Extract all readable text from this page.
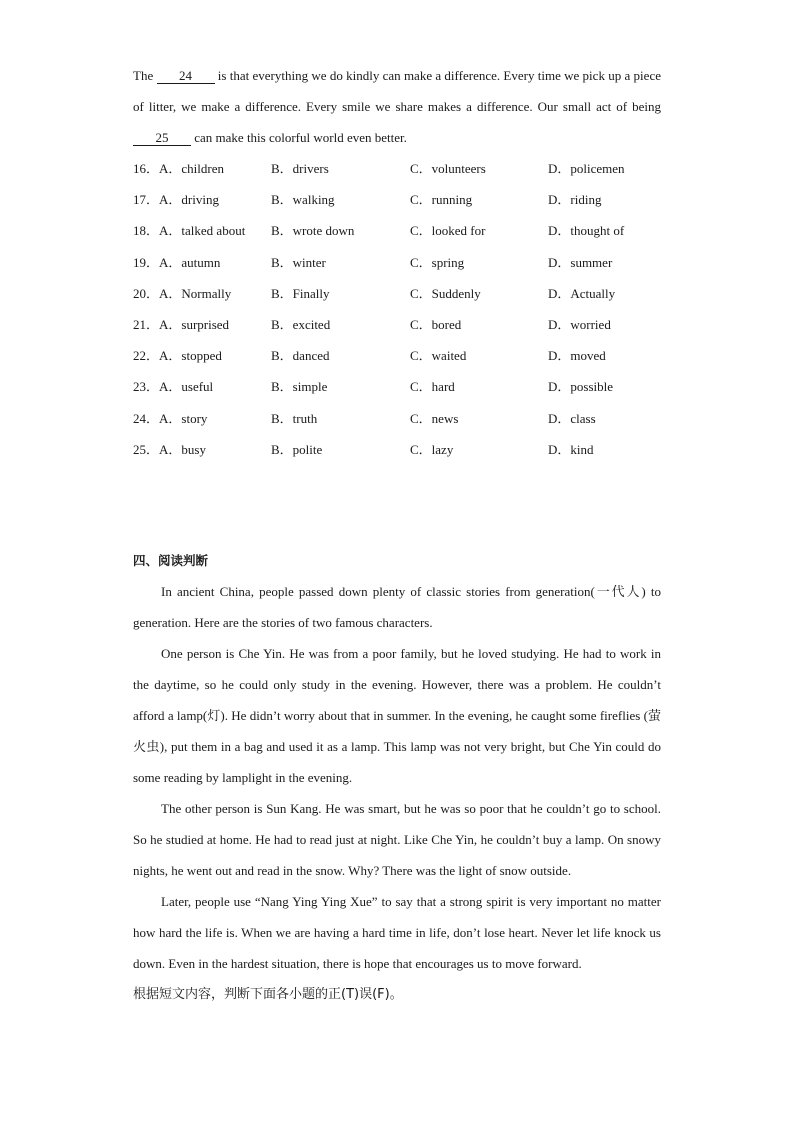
The 24 is that everything we do kindly can make a difference. Every time we pick up a piece of litter, we make a difference. Every smile we share makes a difference. Our small act of being 25 can make this colorful world even better.

16．A．children	B．drivers	C．volunteers	D．policemen
17．A．driving	B．walking	C．running	D．riding
18．A．talked about B．wrote down	C．looked for	D．thought of
19．A．autumn	B．winter	C．spring	D．summer
20．A．Normally	B．Finally	C．Suddenly	D．Actually
21．A．surprised	B．excited	C．bored	D．worried
22．A．stopped	B．danced	C．waited	D．moved
23．A．useful	B．simple	C．hard	D．possible
24．A．story	B．truth	C．news	D．class
25．A．busy	B．polite	C．lazy	D．kind
四、阅读判断

In ancient China, people passed down plenty of classic stories from generation(一代人) to generation. Here are the stories of two famous characters.

One person is Che Yin. He was from a poor family, but he loved studying. He had to work in the daytime, so he could only study in the evening. However, there was a problem. He couldn’t afford a lamp(灯). He didn’t worry about that in summer. In the evening, he caught some fireflies (萤火虫), put them in a bag and used it as a lamp. This lamp was not very bright, but Che Yin could do some reading by lamplight in the evening.

The other person is Sun Kang. He was smart, but he was so poor that he couldn’t go to school. So he studied at home. He had to read just at night. Like Che Yin, he couldn’t buy a lamp. On snowy nights, he went out and read in the snow. Why? There was the light of snow outside.

Later, people use “Nang Ying Ying Xue” to say that a strong spirit is very important no matter how hard the life is. When we are having a hard time in life, don’t lose heart. Never let life knock us down. Even in the hardest situation, there is hope that encourages us to move forward.

根据短文内容，判断下面各小题的正(T)误(F)。
